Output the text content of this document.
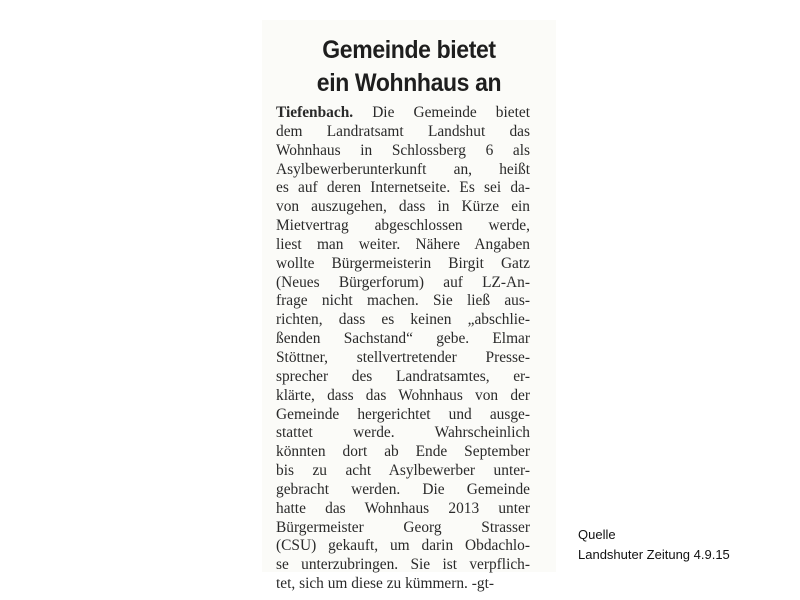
Gemeinde bietet
ein Wohnhaus an
Tiefenbach. Die Gemeinde bietet
dem Landratsamt Landshut das
Wohnhaus in Schlossberg 6 als
Asylbewerberunterkunft an, heißt
es auf deren Internetseite. Es sei da-
von auszugehen, dass in Kürze ein
Mietvertrag abgeschlossen werde,
liest man weiter. Nähere Angaben
wollte Bürgermeisterin Birgit Gatz
(Neues Bürgerforum) auf LZ-An-
frage nicht machen. Sie ließ aus-
richten, dass es keinen „abschlie-
ßenden Sachstand“ gebe. Elmar
Stöttner, stellvertretender Presse-
sprecher des Landratsamtes, er-
klärte, dass das Wohnhaus von der
Gemeinde hergerichtet und ausge-
stattet werde. Wahrscheinlich
könnten dort ab Ende September
bis zu acht Asylbewerber unter-
gebracht werden. Die Gemeinde
hatte das Wohnhaus 2013 unter
Bürgermeister Georg Strasser
(CSU) gekauft, um darin Obdachlo-
se unterzubringen. Sie ist verpflich-
tet, sich um diese zu kümmern. -gt-
Quelle
Landshuter Zeitung 4.9.15
